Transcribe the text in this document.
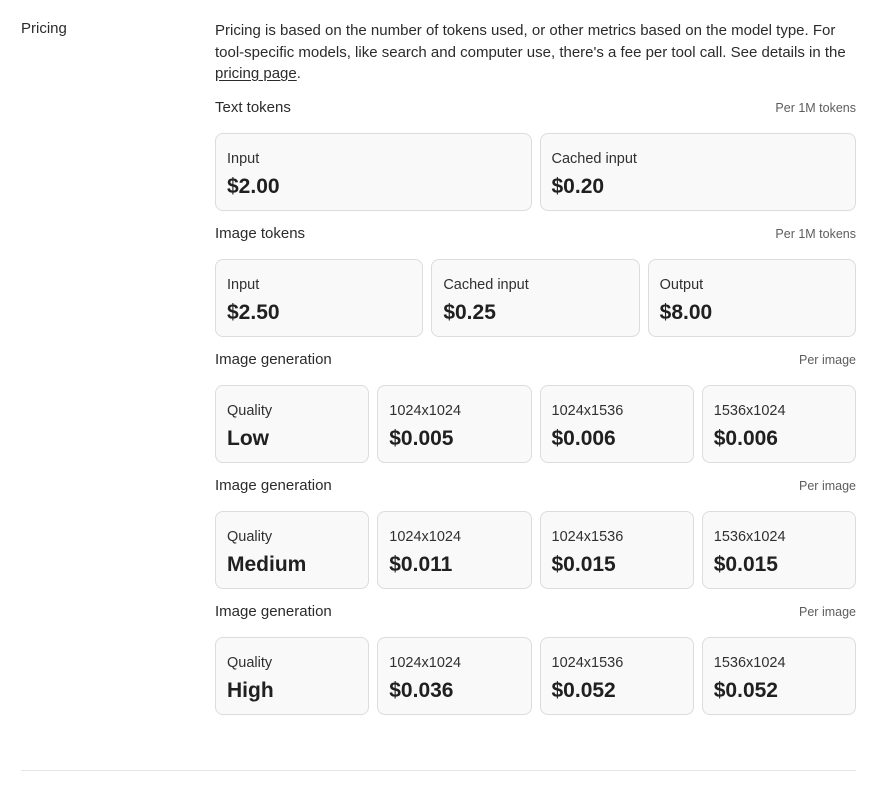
Pricing	Pricing is based on the number of tokens used, or other metrics based on the model type. For tool-specific models, like search and computer use, there's a fee per tool call. See details in the pricing page.

Text tokens	Per 1M tokens
Input
$2.00
Cached input
$0.20
Image tokens	Per 1M tokens
Input
$2.50
Cached input
$0.25
Output
$8.00
Image generation	Per image
Quality
Low
1024x1024
$0.005
1024x1536
$0.006
1536x1024
$0.006
Image generation	Per image
Quality
Medium
1024x1024
$0.011
1024x1536
$0.015
1536x1024
$0.015
Image generation	Per image
Quality
High
1024x1024
$0.036
1024x1536
$0.052
1536x1024
$0.052
